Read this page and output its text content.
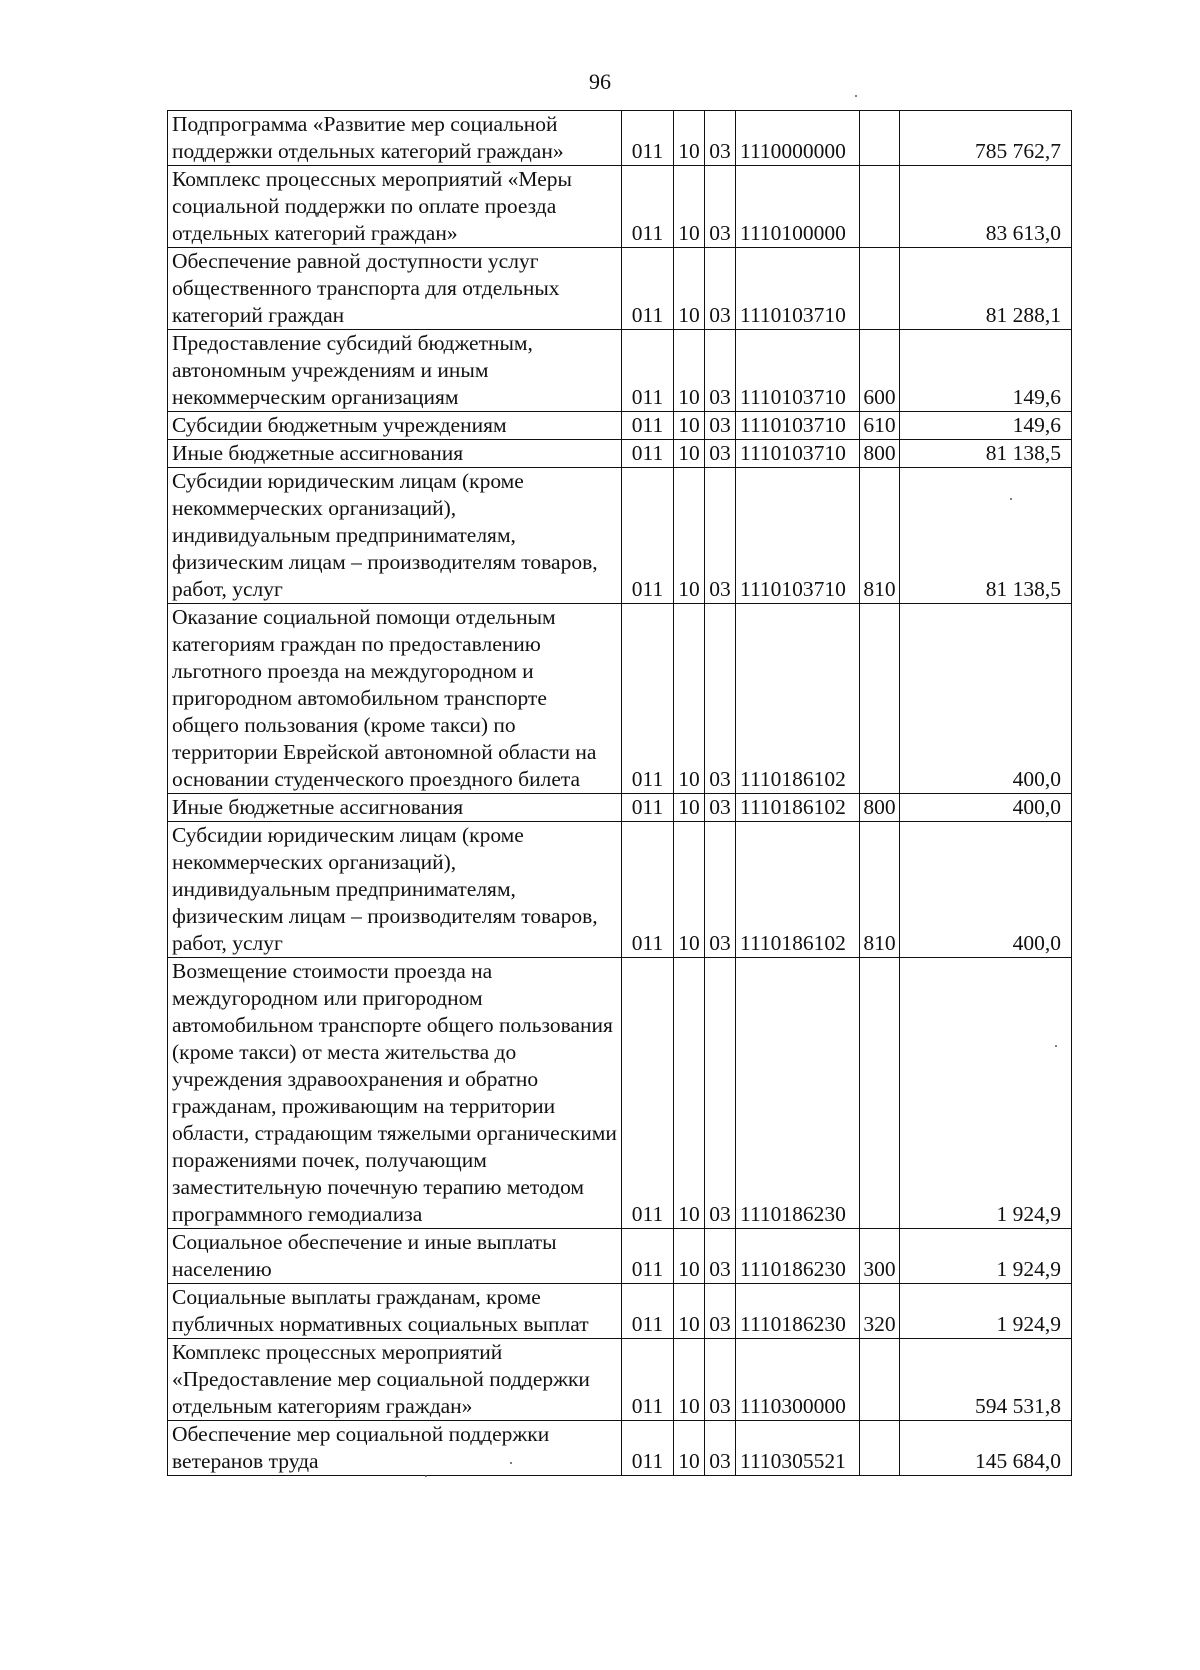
96
Подпрограмма «Развитие мер социальной поддержки отдельных категорий граждан»	011	10	03	1110000000		785 762,7
Комплекс процессных мероприятий «Меры социальной поддержки по оплате проезда отдельных категорий граждан»	011	10	03	1110100000		83 613,0
Обеспечение равной доступности услуг общественного транспорта для отдельных категорий граждан	011	10	03	1110103710		81 288,1
Предоставление субсидий бюджетным, автономным учреждениям и иным некоммерческим организациям	011	10	03	1110103710	600	149,6
Субсидии бюджетным учреждениям	011	10	03	1110103710	610	149,6
Иные бюджетные ассигнования	011	10	03	1110103710	800	81 138,5
Субсидии юридическим лицам (кроме некоммерческих организаций), индивидуальным предпринимателям, физическим лицам – производителям товаров, работ, услуг	011	10	03	1110103710	810	81 138,5
Оказание социальной помощи отдельным категориям граждан по предоставлению льготного проезда на междугородном и пригородном автомобильном транспорте общего пользования (кроме такси) по территории Еврейской автономной области на основании студенческого проездного билета	011	10	03	1110186102		400,0
Иные бюджетные ассигнования	011	10	03	1110186102	800	400,0
Субсидии юридическим лицам (кроме некоммерческих организаций), индивидуальным предпринимателям, физическим лицам – производителям товаров, работ, услуг	011	10	03	1110186102	810	400,0
Возмещение стоимости проезда на междугородном или пригородном автомобильном транспорте общего пользования (кроме такси) от места жительства до учреждения здравоохранения и обратно гражданам, проживающим на территории области, страдающим тяжелыми органическими поражениями почек, получающим заместительную почечную терапию методом программного гемодиализа	011	10	03	1110186230		1 924,9
Социальное обеспечение и иные выплаты населению	011	10	03	1110186230	300	1 924,9
Социальные выплаты гражданам, кроме публичных нормативных социальных выплат	011	10	03	1110186230	320	1 924,9
Комплекс процессных мероприятий «Предоставление мер социальной поддержки отдельным категориям граждан»	011	10	03	1110300000		594 531,8
Обеспечение мер социальной поддержки ветеранов труда	011	10	03	1110305521		145 684,0
